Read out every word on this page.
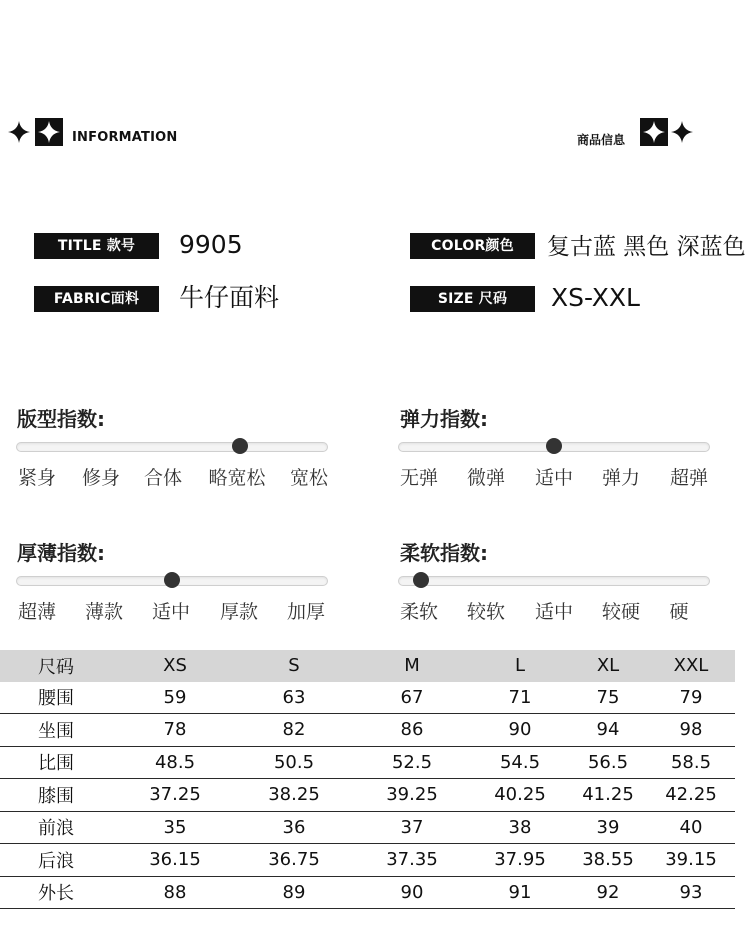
INFORMATION	商品信息
TITLE 款号	9905
FABRIC面料	牛仔面料
COLOR颜色	复古蓝 黑色 深蓝色
SIZE 尺码	XS-XXL
版型指数:
紧身 修身 合体 略宽松 宽松
弹力指数:
无弹 微弹 适中 弹力 超弹
厚薄指数:
超薄 薄款 适中 厚款 加厚
柔软指数:
柔软 较软 适中 较硬 硬
尺码	XS	S	M	L	XL	XXL
腰围	59	63	67	71	75	79
坐围	78	82	86	90	94	98
比围	48.5	50.5	52.5	54.5	56.5	58.5
膝围	37.25	38.25	39.25	40.25	41.25	42.25
前浪	35	36	37	38	39	40
后浪	36.15	36.75	37.35	37.95	38.55	39.15
外长	88	89	90	91	92	93
